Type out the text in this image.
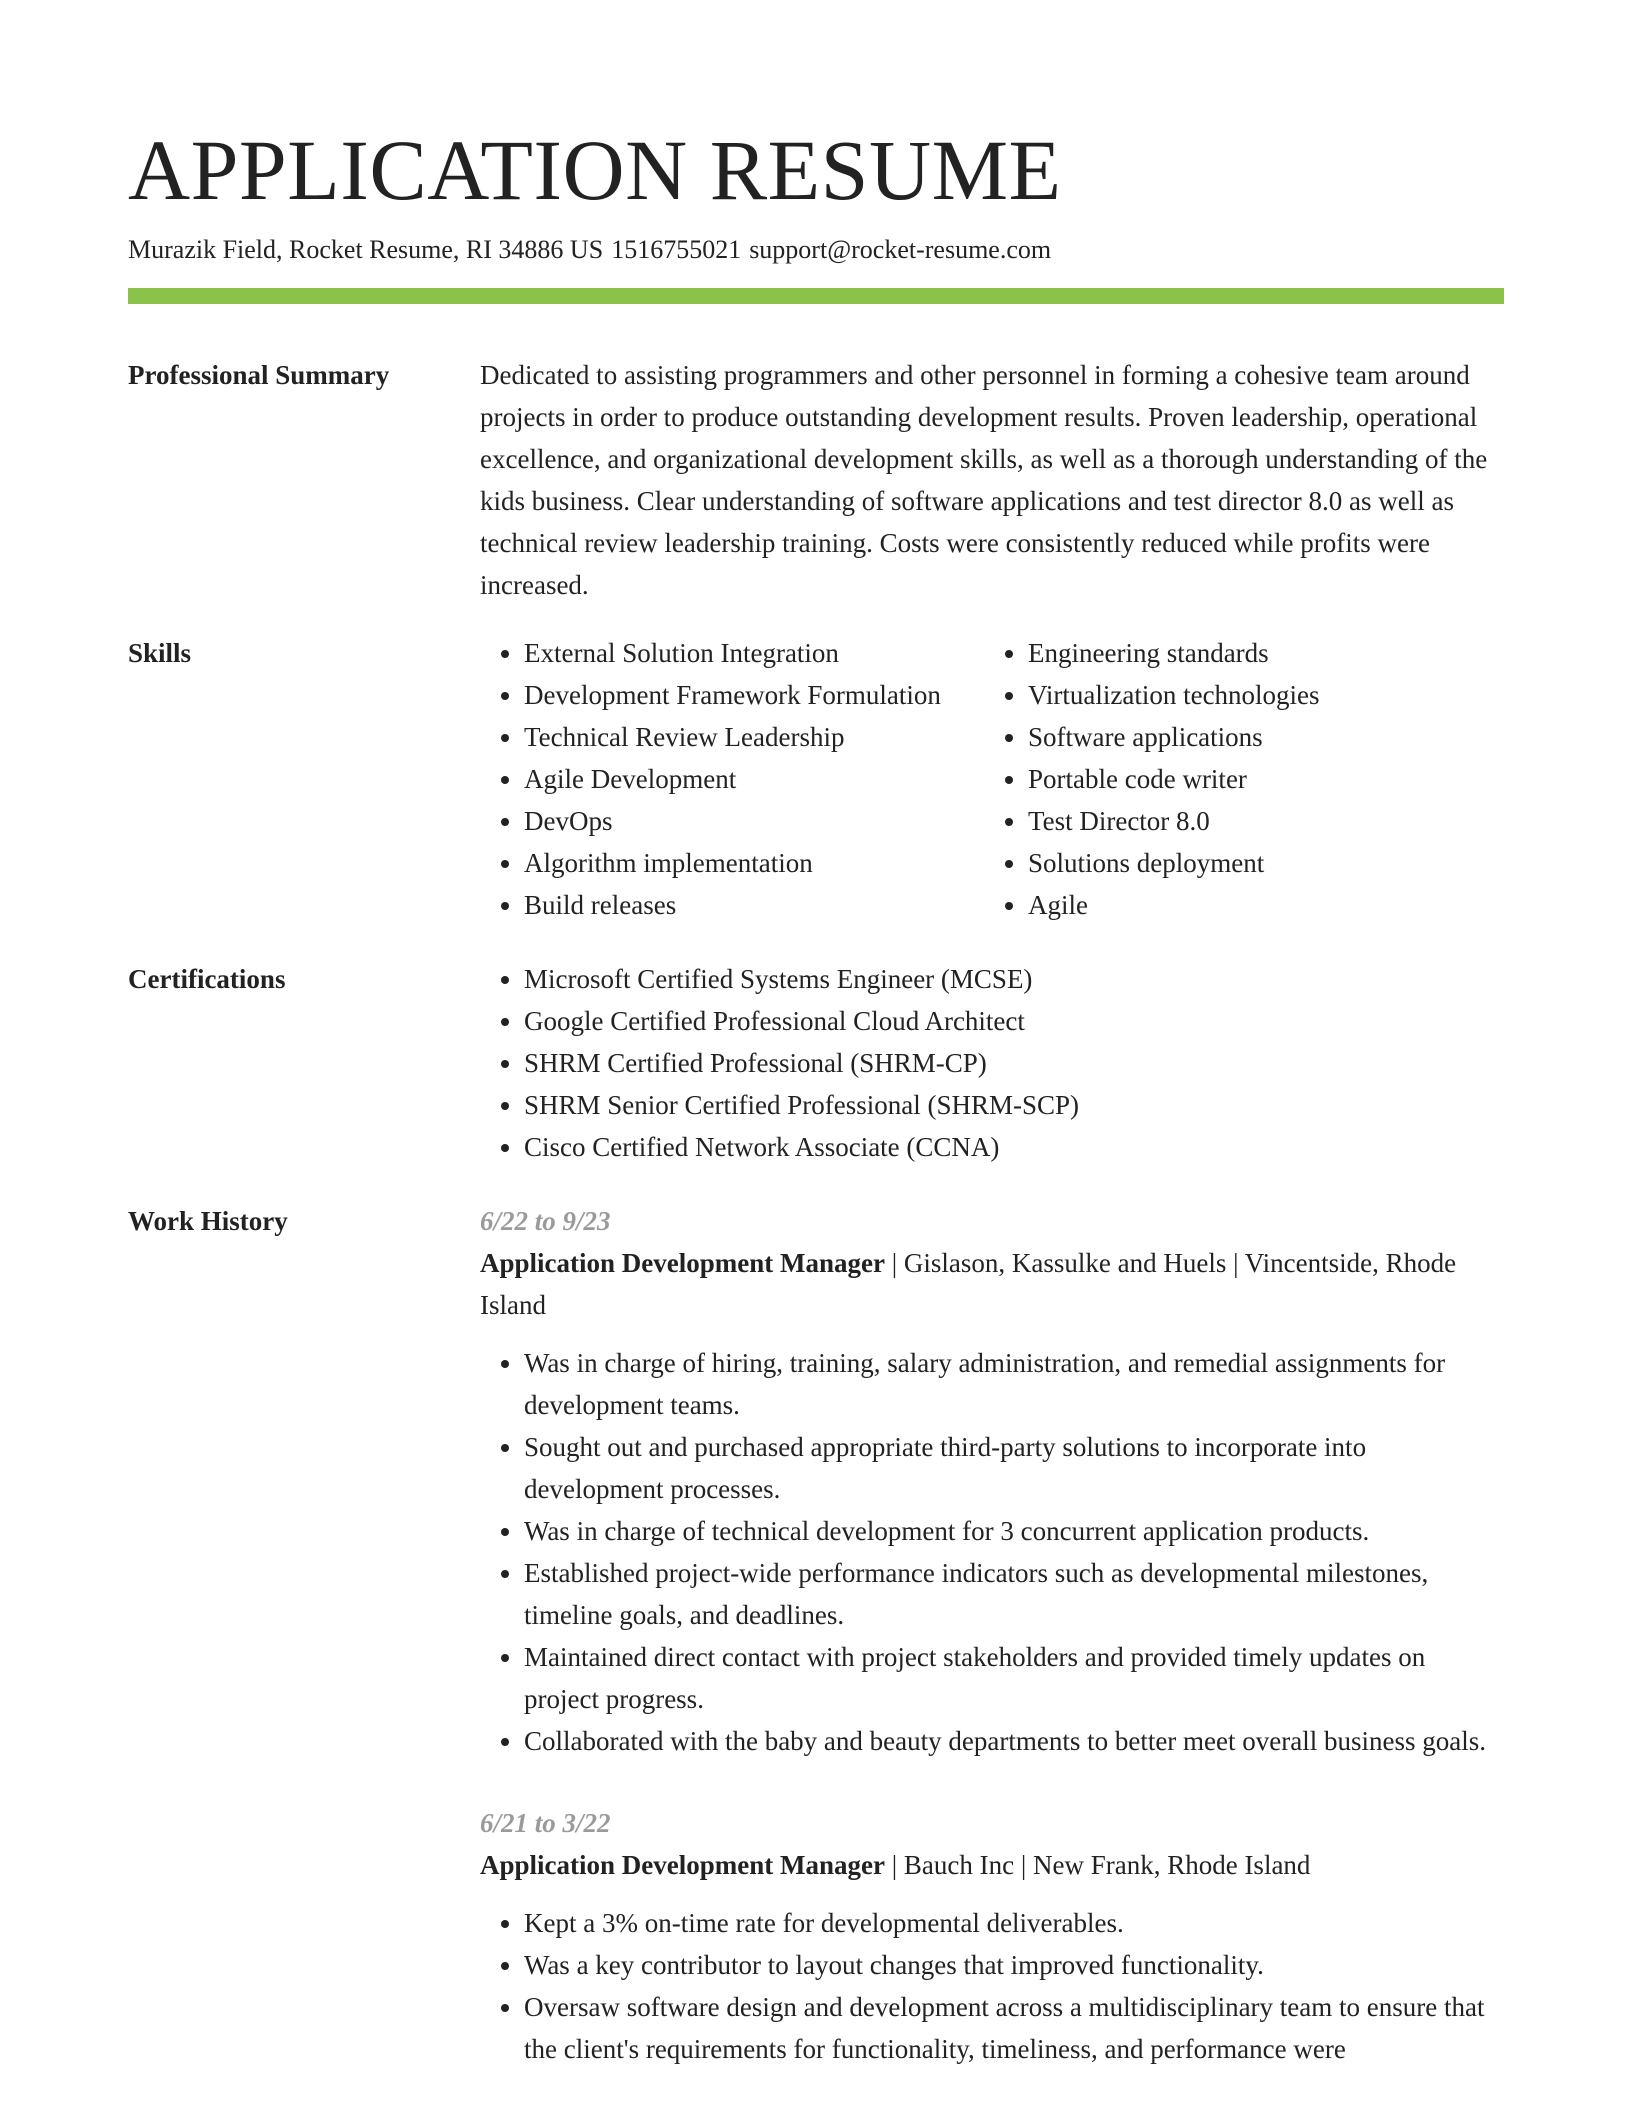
APPLICATION RESUME
Murazik Field, Rocket Resume, RI 34886 US 1516755021 support@rocket-resume.com
Professional Summary	Dedicated to assisting programmers and other personnel in forming a cohesive team around projects in order to produce outstanding development results. Proven leadership, operational excellence, and organizational development skills, as well as a thorough understanding of the kids business. Clear understanding of software applications and test director 8.0 as well as technical review leadership training. Costs were consistently reduced while profits were increased.

Skills	• External Solution Integration
• Development Framework Formulation
• Technical Review Leadership
• Agile Development
• DevOps
• Algorithm implementation
• Build releases
• Engineering standards
• Virtualization technologies
• Software applications
• Portable code writer
• Test Director 8.0
• Solutions deployment
• Agile
Certifications	• Microsoft Certified Systems Engineer (MCSE)
• Google Certified Professional Cloud Architect
• SHRM Certified Professional (SHRM-CP)
• SHRM Senior Certified Professional (SHRM-SCP)
• Cisco Certified Network Associate (CCNA)
Work History	6/22 to 9/23

Application Development Manager | Gislason, Kassulke and Huels | Vincentside, Rhode Island

• Was in charge of hiring, training, salary administration, and remedial assignments for development teams.
• Sought out and purchased appropriate third-party solutions to incorporate into development processes.
• Was in charge of technical development for 3 concurrent application products.
• Established project-wide performance indicators such as developmental milestones, timeline goals, and deadlines.
• Maintained direct contact with project stakeholders and provided timely updates on project progress.
• Collaborated with the baby and beauty departments to better meet overall business goals.
6/21 to 3/22

Application Development Manager | Bauch Inc | New Frank, Rhode Island

• Kept a 3% on-time rate for developmental deliverables.
• Was a key contributor to layout changes that improved functionality.
• Oversaw software design and development across a multidisciplinary team to ensure that the client's requirements for functionality, timeliness, and performance were
